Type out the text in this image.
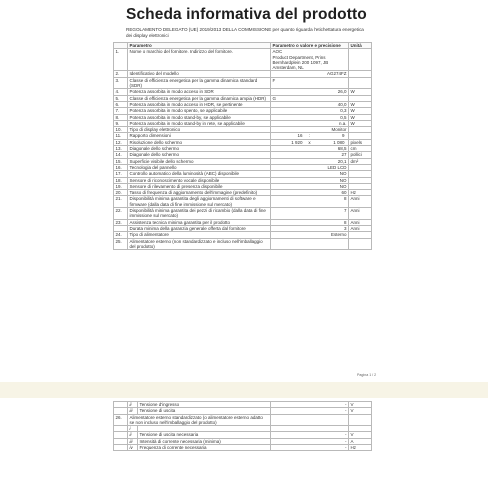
Scheda informativa del prodotto
REGOLAMENTO DELEGATO (UE) 2019/2013 DELLA COMMISSIONE per quanto riguarda l'etichettatura energetica dei display elettronici
	Parametro	Parametro o valore e precisione	Unità
1.	Nome o marchio del fornitore. Indirizzo del fornitore.	AOC
Product Department, Prins Bernhardplein 200 1097, JB Amsterdam, NL	
2.	Identificativo del modello	AG274FZ	
3.	Classe di efficienza energetica per la gamma dinamica standard (SDR)	F	
4.	Potenza assorbita in modo acceso in SDR	26,0	W
5.	Classe di efficienza energetica per la gamma dinamica ampia (HDR)	G	
6.	Potenza assorbita in modo acceso in HDR, se pertinente	40,0	W
7.	Potenza assorbita in modo spento, se applicabile	0,3	W
8.	Potenza assorbita in modo stand-by, se applicabile	0,5	W
9.	Potenza assorbita in modo stand-by in rete, se applicabile	n.a.	W
10.	Tipo di display elettronico	Monitor	
11.	Rapporto dimensioni	16 : 9	
12.	Risoluzione dello schermo	1 920 x 1 080	pixels
13.	Diagonale dello schermo	68,5	cm
14.	Diagonale dello schermo	27	pollici
15.	Superficie visibile dello schermo	20,1	dm²
16.	Tecnologia del pannello	LED LCD	
17.	Controllo automatico della luminosità (ABC) disponibile	NO	
18.	Sensore di riconoscimento vocale disponibile	NO	
19.	Sensore di rilevamento di presenza disponibile	NO	
20.	Tasso di frequenza di aggiornamento dell'immagine (predefinito)	60	Hz
21.	Disponibilità minima garantita degli aggiornamenti di software e firmware (dalla data di fine immissione sul mercato)	8	Anni
22.	Disponibilità minima garantita dei pezzi di ricambio (dalla data di fine immissione sul mercato)	7	Anni
23.	Assistenza tecnica minima garantita per il prodotto	8	Anni
	Durata minima della garanzia generale offerta dal fornitore	3	Anni
24.	Tipo di alimentatore	Esterno	
25.	Alimentatore esterno (non standardizzato e incluso nell'imballaggio del prodotto)		
Pagina 1 / 2
	ii	Tensione d'ingresso	-	V
	iii	Tensione di uscita	-	V
26.	Alimentatore esterno standardizzato (o alimentatore esterno adatto se non incluso nell'imballaggio del prodotto)			
	i			
	ii	Tensione di uscita necessaria	-	V
	iii	Intensità di corrente necessaria (minima)	-	A
	iv	Frequenza di corrente necessaria	-	Hz
